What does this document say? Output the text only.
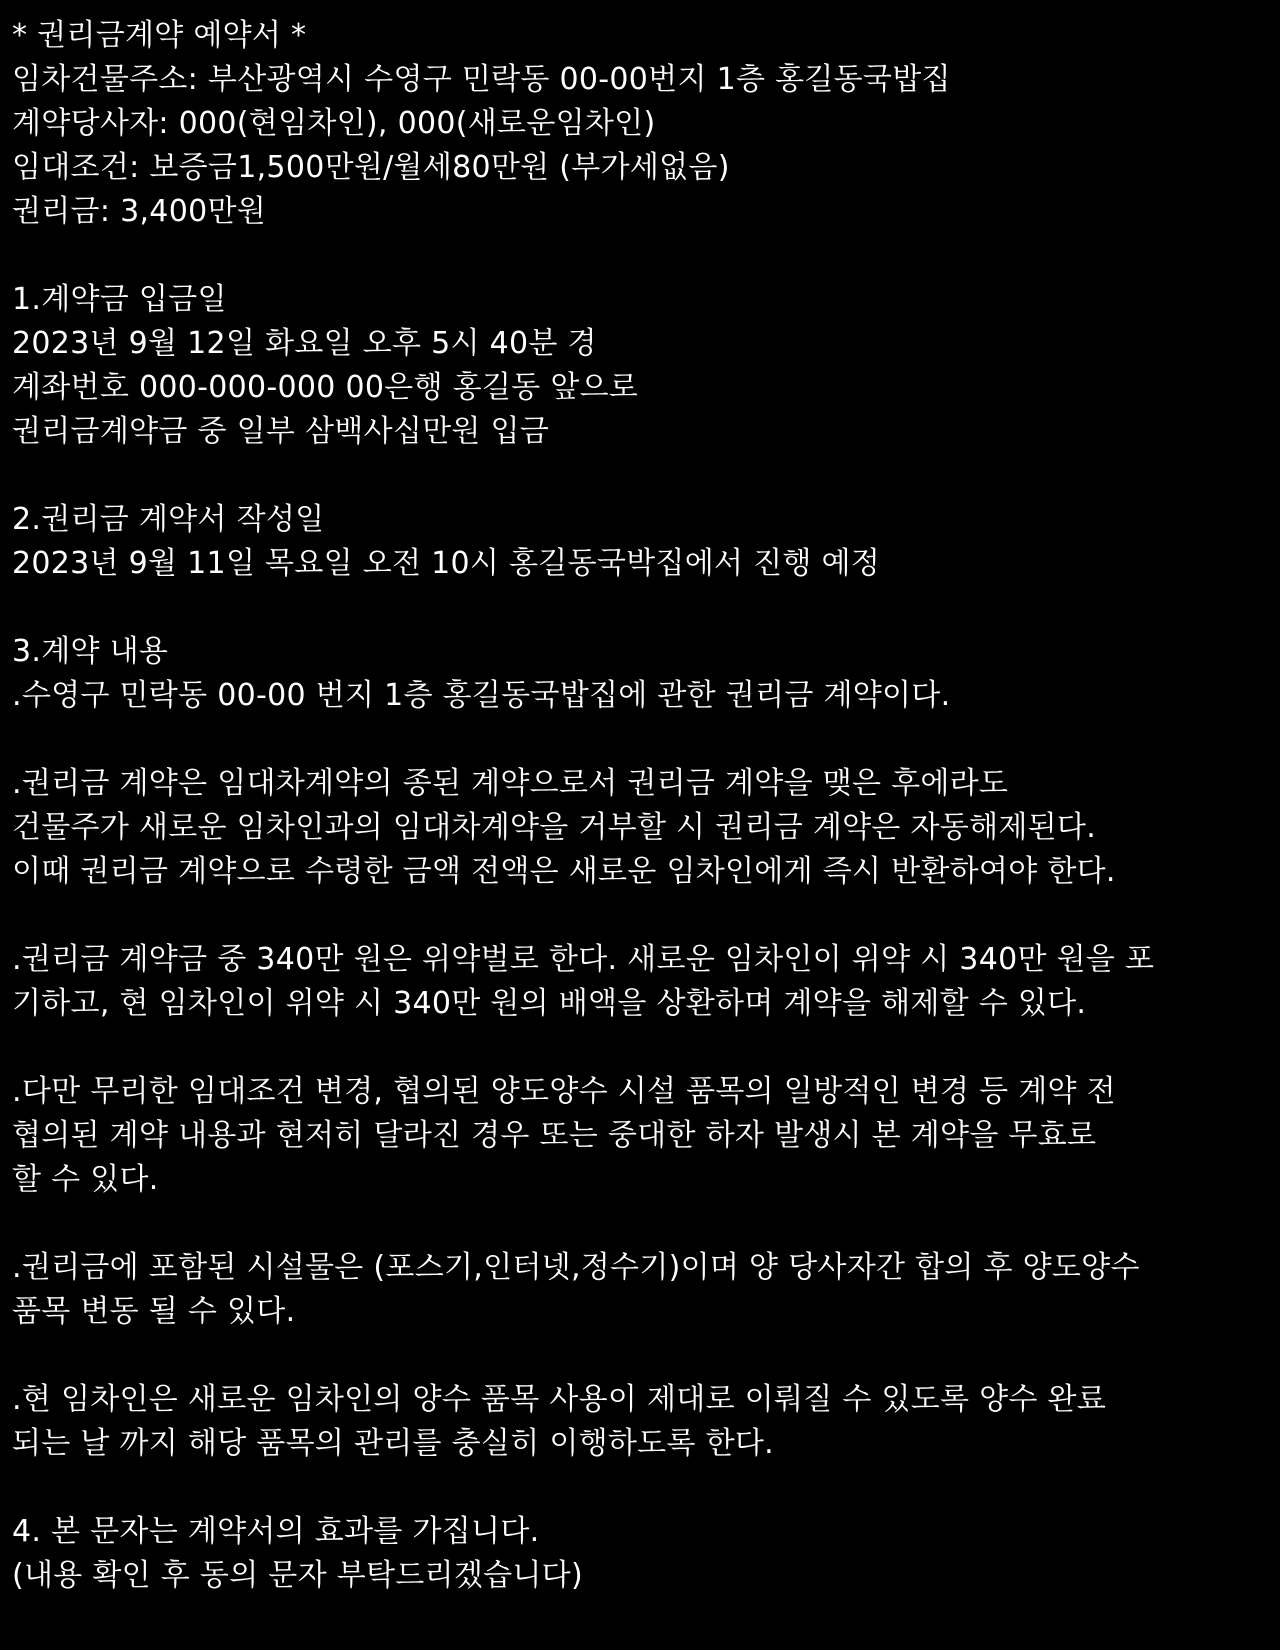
* 권리금계약 예약서 *
임차건물주소: 부산광역시 수영구 민락동 00-00번지 1층 홍길동국밥집
계약당사자: 000(현임차인), 000(새로운임차인)
임대조건: 보증금1,500만원/월세80만원 (부가세없음)
권리금: 3,400만원
1.계약금 입금일
2023년 9월 12일 화요일 오후 5시 40분 경
계좌번호 000-000-000 00은행 홍길동 앞으로
권리금계약금 중 일부 삼백사십만원 입금
2.권리금 계약서 작성일
2023년 9월 11일 목요일 오전 10시 홍길동국박집에서 진행 예정
3.계약 내용
.수영구 민락동 00-00 번지 1층 홍길동국밥집에 관한 권리금 계약이다.
.권리금 계약은 임대차계약의 종된 계약으로서 권리금 계약을 맺은 후에라도
건물주가 새로운 임차인과의 임대차계약을 거부할 시 권리금 계약은 자동해제된다.
이때 권리금 계약으로 수령한 금액 전액은 새로운 임차인에게 즉시 반환하여야 한다.
.권리금 계약금 중 340만 원은 위약벌로 한다. 새로운 임차인이 위약 시 340만 원을 포
기하고, 현 임차인이 위약 시 340만 원의 배액을 상환하며 계약을 해제할 수 있다.
.다만 무리한 임대조건 변경, 협의된 양도양수 시설 품목의 일방적인 변경 등 계약 전
협의된 계약 내용과 현저히 달라진 경우 또는 중대한 하자 발생시 본 계약을 무효로
할 수 있다.
.권리금에 포함된 시설물은 (포스기,인터넷,정수기)이며 양 당사자간 합의 후 양도양수
품목 변동 될 수 있다.
.현 임차인은 새로운 임차인의 양수 품목 사용이 제대로 이뤄질 수 있도록 양수 완료
되는 날 까지 해당 품목의 관리를 충실히 이행하도록 한다.
4. 본 문자는 계약서의 효과를 가집니다.
(내용 확인 후 동의 문자 부탁드리겠습니다)
